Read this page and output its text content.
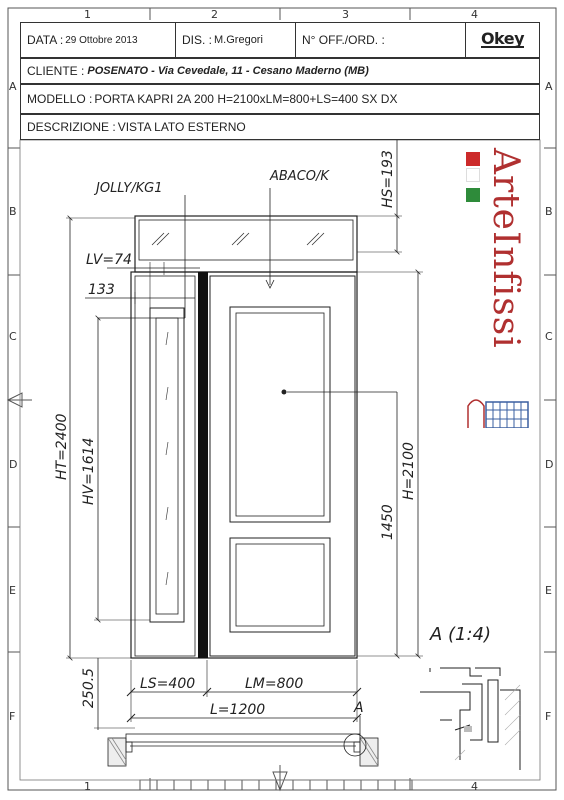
1	2	3	4
1	4
A
B
C
D
E
F
A
B
C
D
E
F
DATA : 29 Ottobre 2013	DIS. : M.Gregori	N° OFF./ORD. :	Okey
CLIENTE : POSENATO - Via Cevedale, 11 - Cesano Maderno (MB)
MODELLO : PORTA KAPRI 2A 200 H=2100xLM=800+LS=400 SX DX
DESCRIZIONE : VISTA LATO ESTERNO
JOLLY/KG1
ABACO/K
LV=74
133
HS=193
HT=2400 HV=1614	H=2100
1450
250.5	LS=400	LM=800
L=1200	A
A (1:4)
ArteInfissi
